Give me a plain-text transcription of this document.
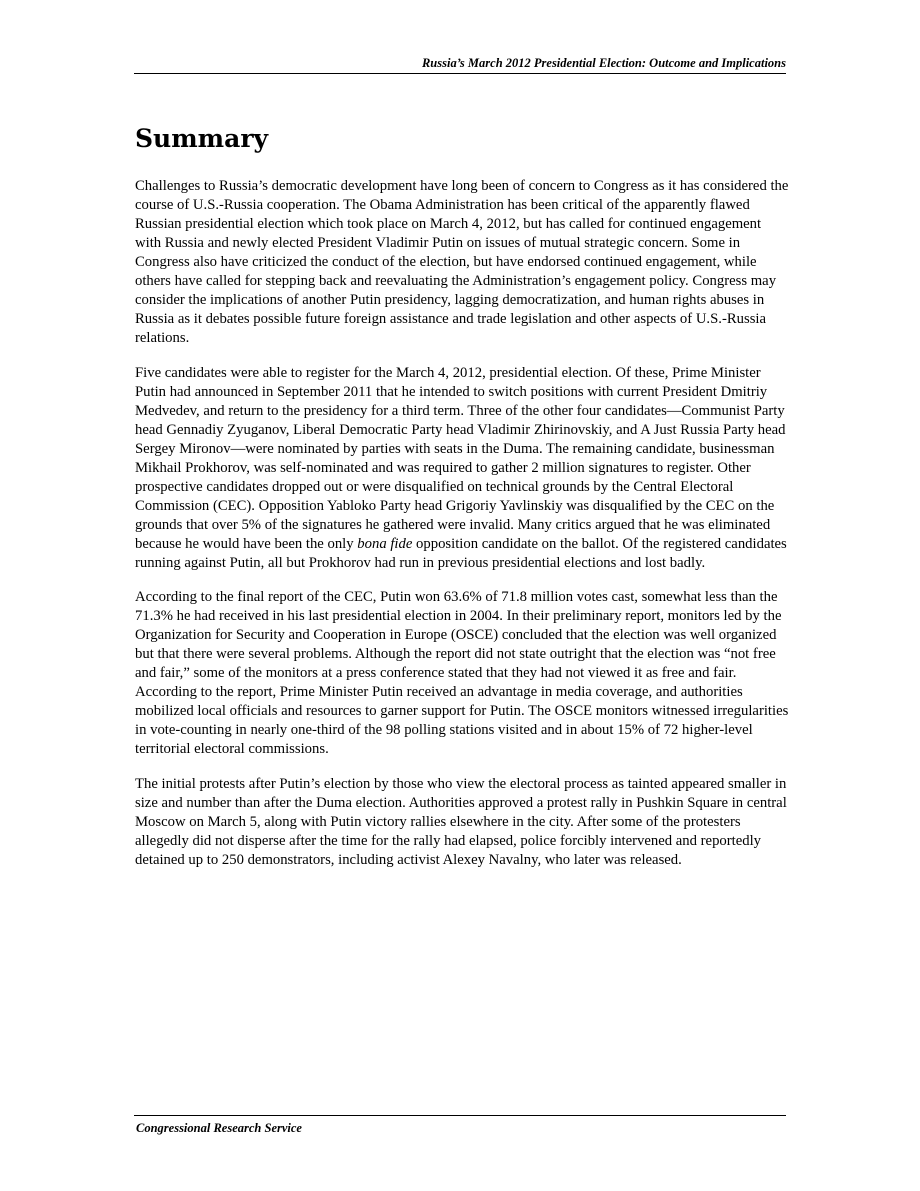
Russia’s March 2012 Presidential Election: Outcome and Implications
Summary

Challenges to Russia’s democratic development have long been of concern to Congress as it has considered the course of U.S.-Russia cooperation. The Obama Administration has been critical of the apparently flawed Russian presidential election which took place on March 4, 2012, but has called for continued engagement with Russia and newly elected President Vladimir Putin on issues of mutual strategic concern. Some in Congress also have criticized the conduct of the election, but have endorsed continued engagement, while others have called for stepping back and reevaluating the Administration’s engagement policy. Congress may consider the implications of another Putin presidency, lagging democratization, and human rights abuses in Russia as it debates possible future foreign assistance and trade legislation and other aspects of U.S.-Russia relations.

Five candidates were able to register for the March 4, 2012, presidential election. Of these, Prime Minister Putin had announced in September 2011 that he intended to switch positions with current President Dmitriy Medvedev, and return to the presidency for a third term. Three of the other four candidates—Communist Party head Gennadiy Zyuganov, Liberal Democratic Party head Vladimir Zhirinovskiy, and A Just Russia Party head Sergey Mironov—were nominated by parties with seats in the Duma. The remaining candidate, businessman Mikhail Prokhorov, was self-nominated and was required to gather 2 million signatures to register. Other prospective candidates dropped out or were disqualified on technical grounds by the Central Electoral Commission (CEC). Opposition Yabloko Party head Grigoriy Yavlinskiy was disqualified by the CEC on the grounds that over 5% of the signatures he gathered were invalid. Many critics argued that he was eliminated because he would have been the only bona fide opposition candidate on the ballot. Of the registered candidates running against Putin, all but Prokhorov had run in previous presidential elections and lost badly.

According to the final report of the CEC, Putin won 63.6% of 71.8 million votes cast, somewhat less than the 71.3% he had received in his last presidential election in 2004. In their preliminary report, monitors led by the Organization for Security and Cooperation in Europe (OSCE) concluded that the election was well organized but that there were several problems. Although the report did not state outright that the election was “not free and fair,” some of the monitors at a press conference stated that they had not viewed it as free and fair. According to the report, Prime Minister Putin received an advantage in media coverage, and authorities mobilized local officials and resources to garner support for Putin. The OSCE monitors witnessed irregularities in vote-counting in nearly one-third of the 98 polling stations visited and in about 15% of 72 higher-level territorial electoral commissions.

The initial protests after Putin’s election by those who view the electoral process as tainted appeared smaller in size and number than after the Duma election. Authorities approved a protest rally in Pushkin Square in central Moscow on March 5, along with Putin victory rallies elsewhere in the city. After some of the protesters allegedly did not disperse after the time for the rally had elapsed, police forcibly intervened and reportedly detained up to 250 demonstrators, including activist Alexey Navalny, who later was released.

Congressional Research Service
